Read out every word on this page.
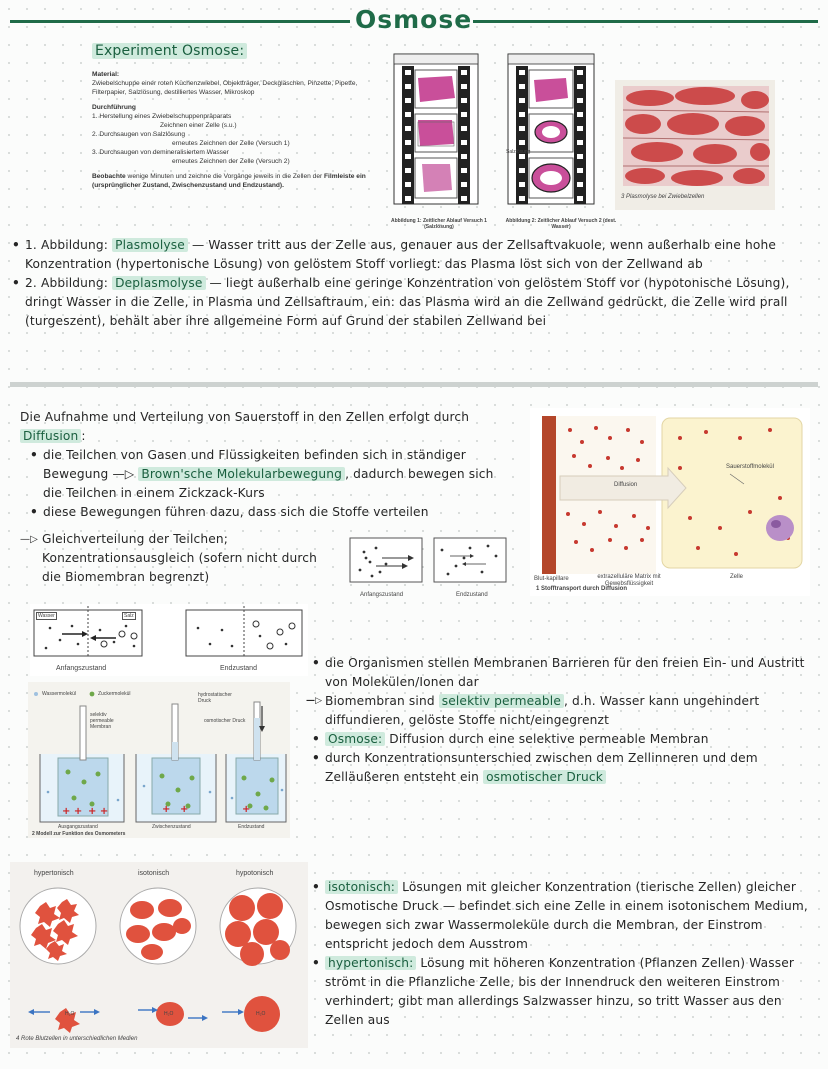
Osmose
Experiment Osmose:
Material:
Zwiebelschuppe einer roten Küchenzwiebel, Objektträger, Deckgläschen, Pinzette, Pipette, Filterpapier, Salzlösung, destilliertes Wasser, Mikroskop
Durchführung
1. Herstellung eines Zwiebelschuppenpräparats
Zeichnen einer Zelle (s.u.)
2. Durchsaugen von Salzlösung
erneutes Zeichnen der Zelle (Versuch 1)
3. Durchsaugen von demineralisiertem Wasser
erneutes Zeichnen der Zelle (Versuch 2)
Beobachte wenige Minuten und zeichne die Vorgänge jeweils in die Zellen der Filmleiste ein
(ursprünglicher Zustand, Zwischenzustand und Endzustand).
Salzlösung
Abbildung 1: Zeitlicher Ablauf Versuch 1 (Salzlösung)
Abbildung 2: Zeitlicher Ablauf Versuch 2 (dest. Wasser)
3 Plasmolyse bei Zwiebelzellen
• 1. Abbildung: Plasmolyse — Wasser tritt aus der Zelle aus, genauer aus der Zellsaftvakuole, wenn außerhalb eine hohe Konzentration (hypertonische Lösung) von gelöstem Stoff vorliegt: das Plasma löst sich von der Zellwand ab
• 2. Abbildung: Deplasmolyse — liegt außerhalb eine geringe Konzentration von gelöstem Stoff vor (hypotonische Lösung), dringt Wasser in die Zelle, in Plasma und Zellsaftraum, ein: das Plasma wird an die Zellwand gedrückt, die Zelle wird prall (turgeszent), behält aber ihre allgemeine Form auf Grund der stabilen Zellwand bei
Die Aufnahme und Verteilung von Sauerstoff in den Zellen erfolgt durch Diffusion :
• die Teilchen von Gasen und Flüssigkeiten befinden sich in ständiger Bewegung —▷ Brown'sche Molekularbewegung , dadurch bewegen sich die Teilchen in einem Zickzack-Kurs
• diese Bewegungen führen dazu, dass sich die Stoffe verteilen
—▷ Gleichverteilung der Teilchen; Konzentrationsausgleich (sofern nicht durch die Biomembran begrenzt)
Anfangszustand	Endzustand
Diffusion
Sauerstoffmolekül
Blut-kapillare	extrazelluläre Matrix mit Gewebsflüssigkeit
Zelle
1 Stofftransport durch Diffusion
Wasser	Salz
Anfangszustand	Endzustand
+ + + +	+ +	+
Wassermolekül	Zuckermolekül
selektiv permeable Membran
hydrostatischer Druck
osmotischer Druck
Ausgangszustand	Zwischenzustand	Endzustand
2 Modell zur Funktion des Osmometers
• die Organismen stellen Membranen Barrieren für den freien Ein- und Austritt von Molekülen/Ionen dar
—▷ Biomembran sind selektiv permeable , d.h. Wasser kann ungehindert diffundieren, gelöste Stoffe nicht/eingegrenzt
• Osmose: Diffusion durch eine selektive permeable Membran
• durch Konzentrationsunterschied zwischen dem Zellinneren und dem Zelläußeren entsteht ein osmotischer Druck
hypertonisch	isotonisch	hypotonisch
H₂O	H₂O	H₂O
4 Rote Blutzellen in unterschiedlichen Medien
• isotonisch: Lösungen mit gleicher Konzentration (tierische Zellen) gleicher Osmotische Druck — befindet sich eine Zelle in einem isotonischem Medium, bewegen sich zwar Wassermoleküle durch die Membran, der Einstrom entspricht jedoch dem Ausstrom
• hypertonisch: Lösung mit höheren Konzentration (Pflanzen Zellen) Wasser strömt in die Pflanzliche Zelle, bis der Innendruck den weiteren Einstrom verhindert; gibt man allerdings Salzwasser hinzu, so tritt Wasser aus den Zellen aus
